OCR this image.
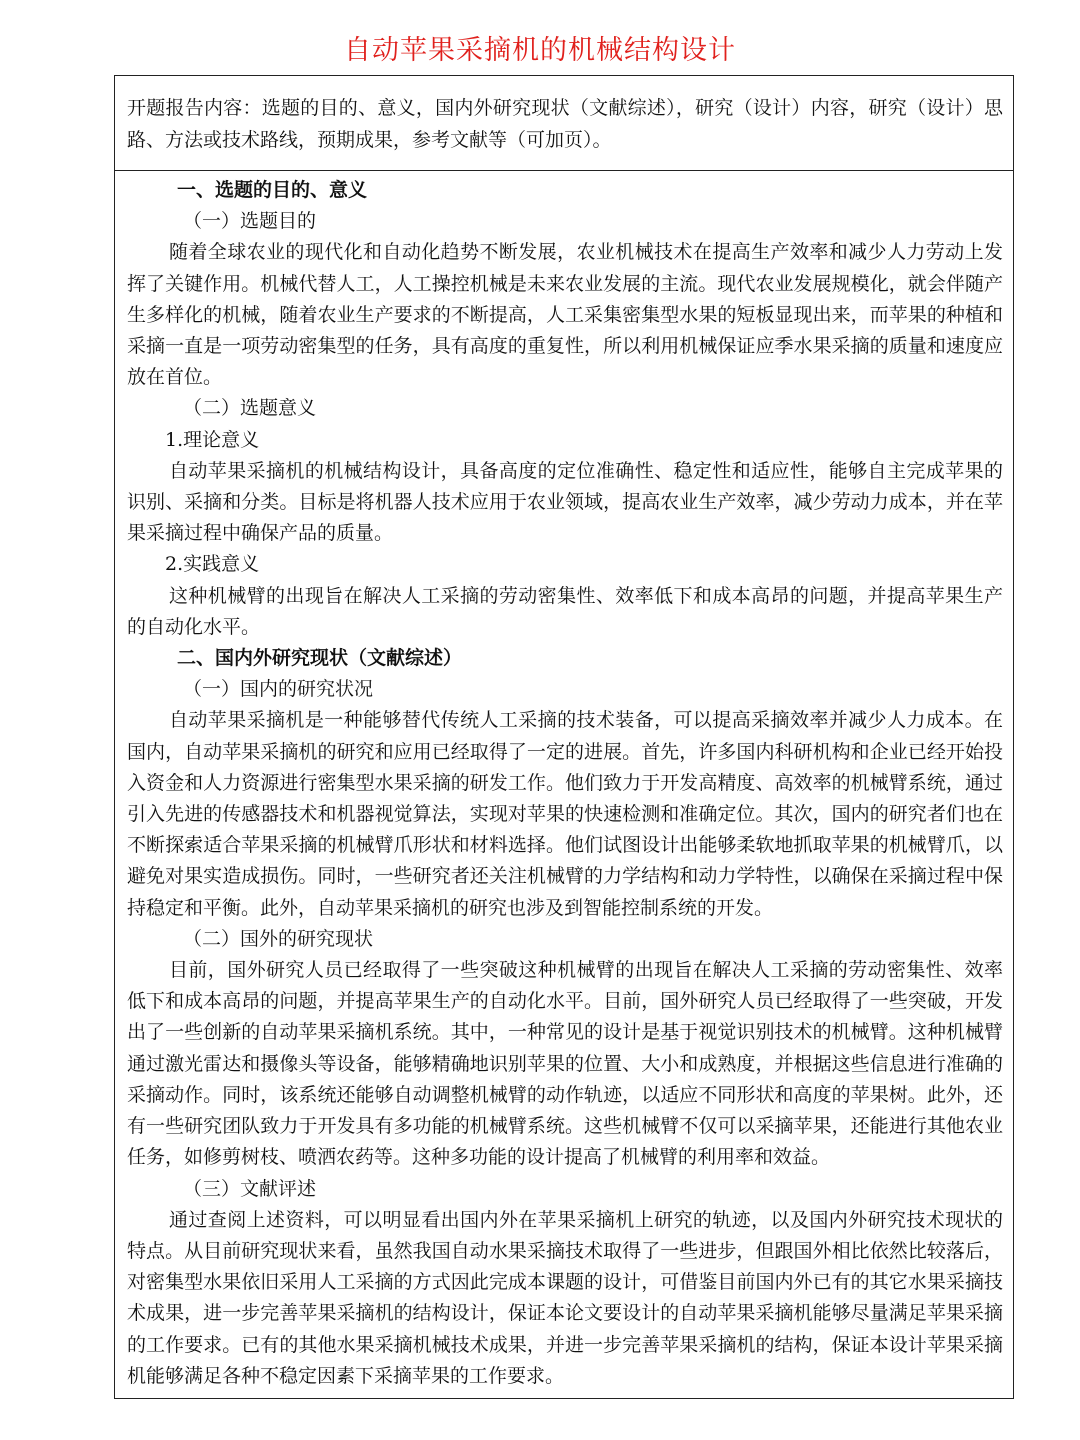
自动苹果采摘机的机械结构设计
开题报告内容：选题的目的、意义，国内外研究现状（文献综述），研究（设计）内容，研究（设计）思路、方法或技术路线，预期成果，参考文献等（可加页）。

一、选题的目的、意义

（一）选题目的

随着全球农业的现代化和自动化趋势不断发展，农业机械技术在提高生产效率和减少人力劳动上发挥了关键作用。机械代替人工，人工操控机械是未来农业发展的主流。现代农业发展规模化，就会伴随产生多样化的机械，随着农业生产要求的不断提高，人工采集密集型水果的短板显现出来，而苹果的种植和采摘一直是一项劳动密集型的任务，具有高度的重复性，所以利用机械保证应季水果采摘的质量和速度应放在首位。

（二）选题意义

1.理论意义

自动苹果采摘机的机械结构设计，具备高度的定位准确性、稳定性和适应性，能够自主完成苹果的识别、采摘和分类。目标是将机器人技术应用于农业领域，提高农业生产效率，减少劳动力成本，并在苹果采摘过程中确保产品的质量。

2.实践意义

这种机械臂的出现旨在解决人工采摘的劳动密集性、效率低下和成本高昂的问题，并提高苹果生产的自动化水平。

二、国内外研究现状（文献综述）

（一）国内的研究状况

自动苹果采摘机是一种能够替代传统人工采摘的技术装备，可以提高采摘效率并减少人力成本。在国内，自动苹果采摘机的研究和应用已经取得了一定的进展。首先，许多国内科研机构和企业已经开始投入资金和人力资源进行密集型水果采摘的研发工作。他们致力于开发高精度、高效率的机械臂系统，通过引入先进的传感器技术和机器视觉算法，实现对苹果的快速检测和准确定位。其次，国内的研究者们也在不断探索适合苹果采摘的机械臂爪形状和材料选择。他们试图设计出能够柔软地抓取苹果的机械臂爪，以避免对果实造成损伤。同时，一些研究者还关注机械臂的力学结构和动力学特性，以确保在采摘过程中保持稳定和平衡。此外，自动苹果采摘机的研究也涉及到智能控制系统的开发。

（二）国外的研究现状

目前，国外研究人员已经取得了一些突破这种机械臂的出现旨在解决人工采摘的劳动密集性、效率低下和成本高昂的问题，并提高苹果生产的自动化水平。目前，国外研究人员已经取得了一些突破，开发出了一些创新的自动苹果采摘机系统。其中，一种常见的设计是基于视觉识别技术的机械臂。这种机械臂通过激光雷达和摄像头等设备，能够精确地识别苹果的位置、大小和成熟度，并根据这些信息进行准确的采摘动作。同时，该系统还能够自动调整机械臂的动作轨迹，以适应不同形状和高度的苹果树。此外，还有一些研究团队致力于开发具有多功能的机械臂系统。这些机械臂不仅可以采摘苹果，还能进行其他农业任务，如修剪树枝、喷洒农药等。这种多功能的设计提高了机械臂的利用率和效益。

（三）文献评述

通过查阅上述资料，可以明显看出国内外在苹果采摘机上研究的轨迹，以及国内外研究技术现状的特点。从目前研究现状来看，虽然我国自动水果采摘技术取得了一些进步，但跟国外相比依然比较落后，对密集型水果依旧采用人工采摘的方式因此完成本课题的设计，可借鉴目前国内外已有的其它水果采摘技术成果，进一步完善苹果采摘机的结构设计，保证本论文要设计的自动苹果采摘机能够尽量满足苹果采摘的工作要求。已有的其他水果采摘机械技术成果，并进一步完善苹果采摘机的结构，保证本设计苹果采摘机能够满足各种不稳定因素下采摘苹果的工作要求。
